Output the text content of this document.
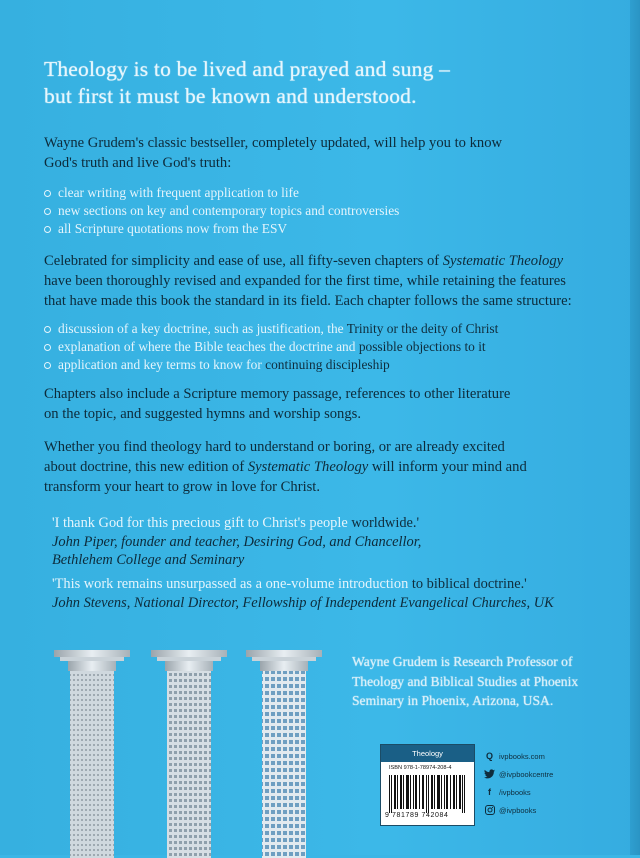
Theology is to be lived and prayed and sung –
but first it must be known and understood.

Wayne Grudem's classic bestseller, completely updated, will help you to know

God's truth and live God's truth:

clear writing with frequent application to life
new sections on key and contemporary topics and controversies
all Scripture quotations now from the ESV

Celebrated for simplicity and ease of use, all fifty-seven chapters of Systematic Theology

have been thoroughly revised and expanded for the first time, while retaining the features

that have made this book the standard in its field. Each chapter follows the same structure:

discussion of a key doctrine, such as justification, the Trinity or the deity of Christ
explanation of where the Bible teaches the doctrine and possible objections to it
application and key terms to know for continuing discipleship

Chapters also include a Scripture memory passage, references to other literature

on the topic, and suggested hymns and worship songs.

Whether you find theology hard to understand or boring, or are already excited

about doctrine, this new edition of Systematic Theology will inform your mind and

transform your heart to grow in love for Christ.

'I thank God for this precious gift to Christ's people worldwide.'
John Piper, founder and teacher, Desiring God, and Chancellor,
Bethlehem College and Seminary
'This work remains unsurpassed as a one-volume introduction to biblical doctrine.'
John Stevens, National Director, Fellowship of Independent Evangelical Churches, UK
Wayne Grudem is Research Professor of
Theology and Biblical Studies at Phoenix
Seminary in Phoenix, Arizona, USA.
Theology
ISBN 978-1-78974-208-4
9 781789 742084
Q ivpbooks.com
@ivpbookcentre
f /ivpbooks
@ivpbooks
